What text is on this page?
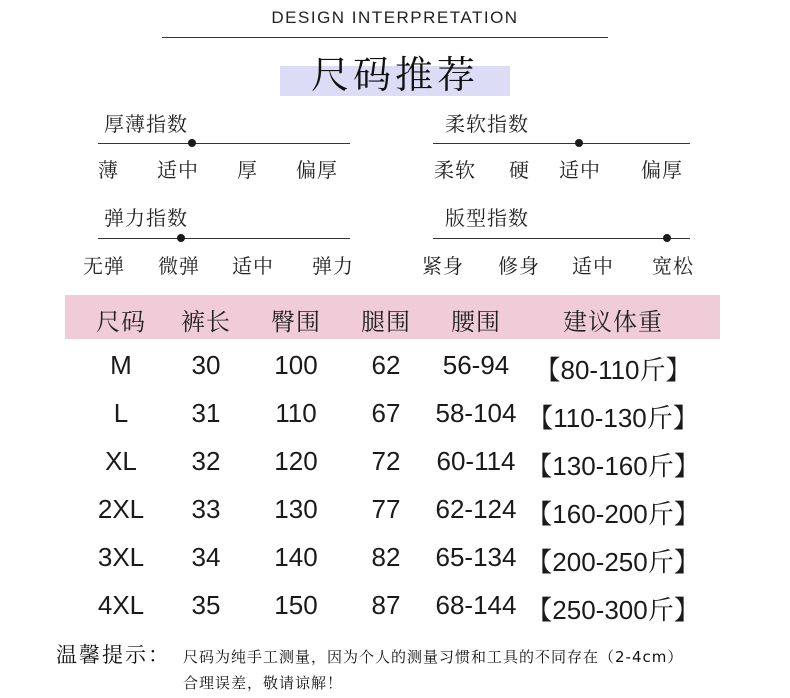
DESIGN INTERPRETATION
尺码推荐
厚薄指数
薄 适中 厚 偏厚
柔软指数
柔软 硬 适中 偏厚
弹力指数
无弹 微弹 适中 弹力
版型指数
紧身 修身 适中 宽松
尺码	裤长	臀围	腿围	腰围	建议体重
M	30	100	62	56-94 【80-110斤】
L	31	110	67	58-104 【110-130斤】
XL	32	120	72	60-114 【130-160斤】
2XL	33	130	77	62-124 【160-200斤】
3XL	34	140	82	65-134 【200-250斤】
4XL	35	150	87	68-144 【250-300斤】
温馨提示： 尺码为纯手工测量，因为个人的测量习惯和工具的不同存在（2-4cm）
合理误差，敬请谅解！
